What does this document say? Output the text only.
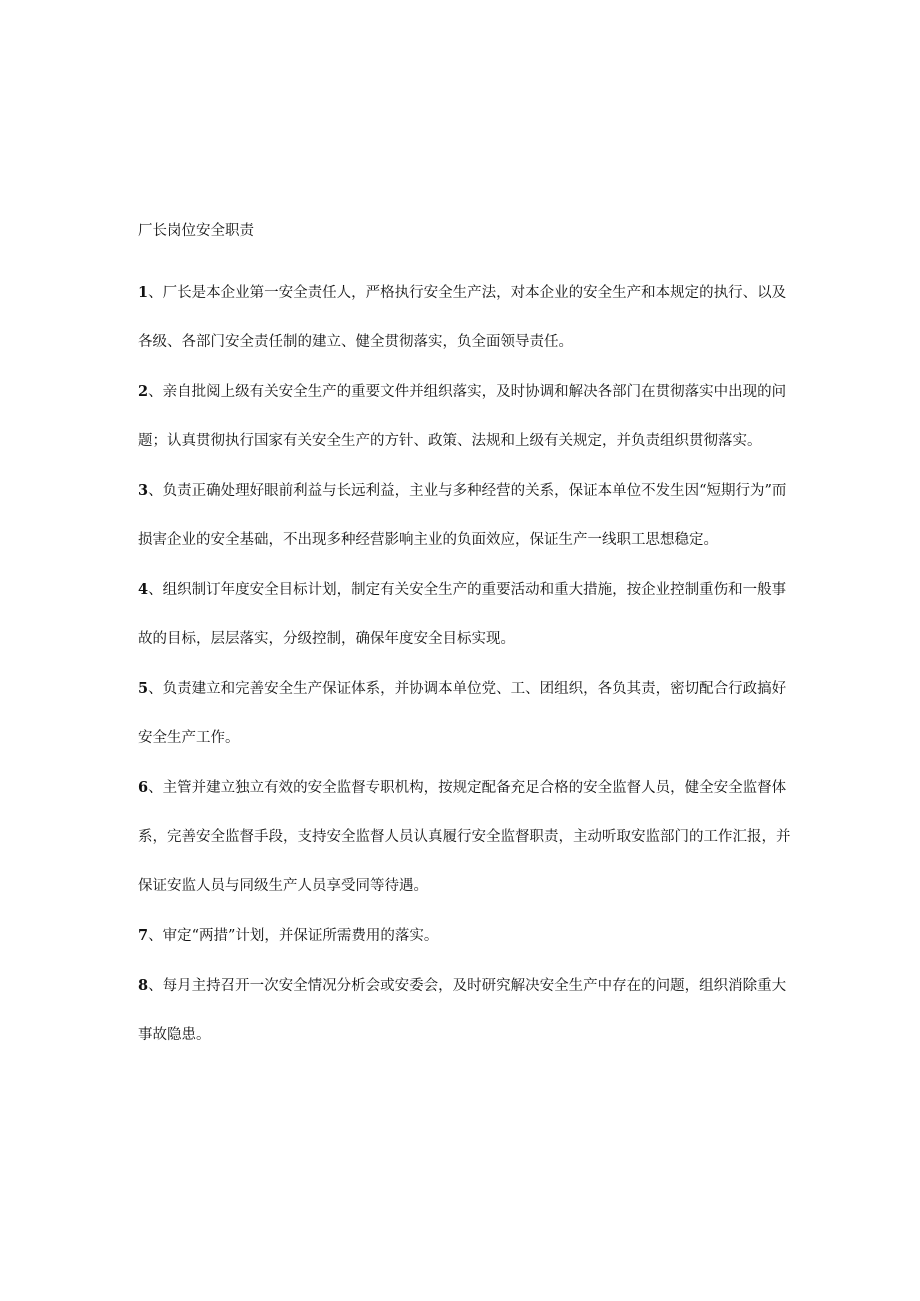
厂长岗位安全职责

1、厂长是本企业第一安全责任人，严格执行安全生产法，对本企业的安全生产和本规定的执行、以及各级、各部门安全责任制的建立、健全贯彻落实，负全面领导责任。

2、亲自批阅上级有关安全生产的重要文件并组织落实，及时协调和解决各部门在贯彻落实中出现的问题；认真贯彻执行国家有关安全生产的方针、政策、法规和上级有关规定，并负责组织贯彻落实。

3、负责正确处理好眼前利益与长远利益，主业与多种经营的关系，保证本单位不发生因“短期行为”而损害企业的安全基础，不出现多种经营影响主业的负面效应，保证生产一线职工思想稳定。

4、组织制订年度安全目标计划，制定有关安全生产的重要活动和重大措施，按企业控制重伤和一般事故的目标，层层落实，分级控制，确保年度安全目标实现。

5、负责建立和完善安全生产保证体系，并协调本单位党、工、团组织，各负其责，密切配合行政搞好安全生产工作。

6、主管并建立独立有效的安全监督专职机构，按规定配备充足合格的安全监督人员，健全安全监督体系，完善安全监督手段，支持安全监督人员认真履行安全监督职责，主动听取安监部门的工作汇报，并保证安监人员与同级生产人员享受同等待遇。

7、审定“两措”计划，并保证所需费用的落实。

8、每月主持召开一次安全情况分析会或安委会，及时研究解决安全生产中存在的问题，组织消除重大事故隐患。
